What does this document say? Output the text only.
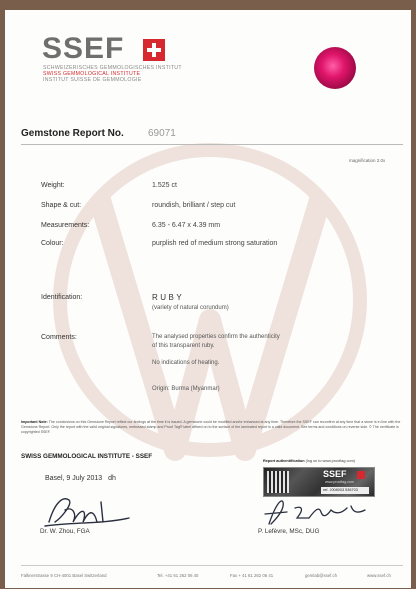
SSEF
SCHWEIZERISCHES GEMMOLOGISCHES INSTITUT
SWISS GEMMOLOGICAL INSTITUTE
INSTITUT SUISSE DE GEMMOLOGIE
Gemstone Report No. 69071
magnification 2.0x
Weight:	1.525 ct
Shape & cut:	roundish, brilliant / step cut
Measurements:	6.35 - 6.47 x 4.39 mm
Colour:	purplish red of medium strong saturation
Identification:	RUBY
(variety of natural corundum)
Comments:	The analysed properties confirm the authenticity
of this transparent ruby.
No indications of heating.
Origin: Burma (Myanmar)
Important Note: The conclusions on this Gemstone Report reflect our findings at the time it is issued. A gemstone could be modified and/or enhanced at any time. Therefore the SSEF can reconfirm at any time that a stone is in line with the Gemstone Report. Only the report with the valid original signatures, embossed stamp and Proof Tag® label affixed on to the surface of the laminated report is a valid document. See terms and conditions on reverse side. © The certificate is copyrighted SSEF.
SWISS GEMMOLOGICAL INSTITUTE - SSEF
Basel, 9 July 2013 dh
Report authentification (log on to www.prooftag.com)
SSEF
www.prooftag.com
ref. J008003 536703
Dr. W. Zhou, FGA	P. Lefèvre, MSc, DUG
Falknerstrasse 9 CH-4001 Basel Switzerland	Tel. +41 61 262 06 40	Fax + 41 61 262 06 41	gemlab@ssef.ch	www.ssef.ch
